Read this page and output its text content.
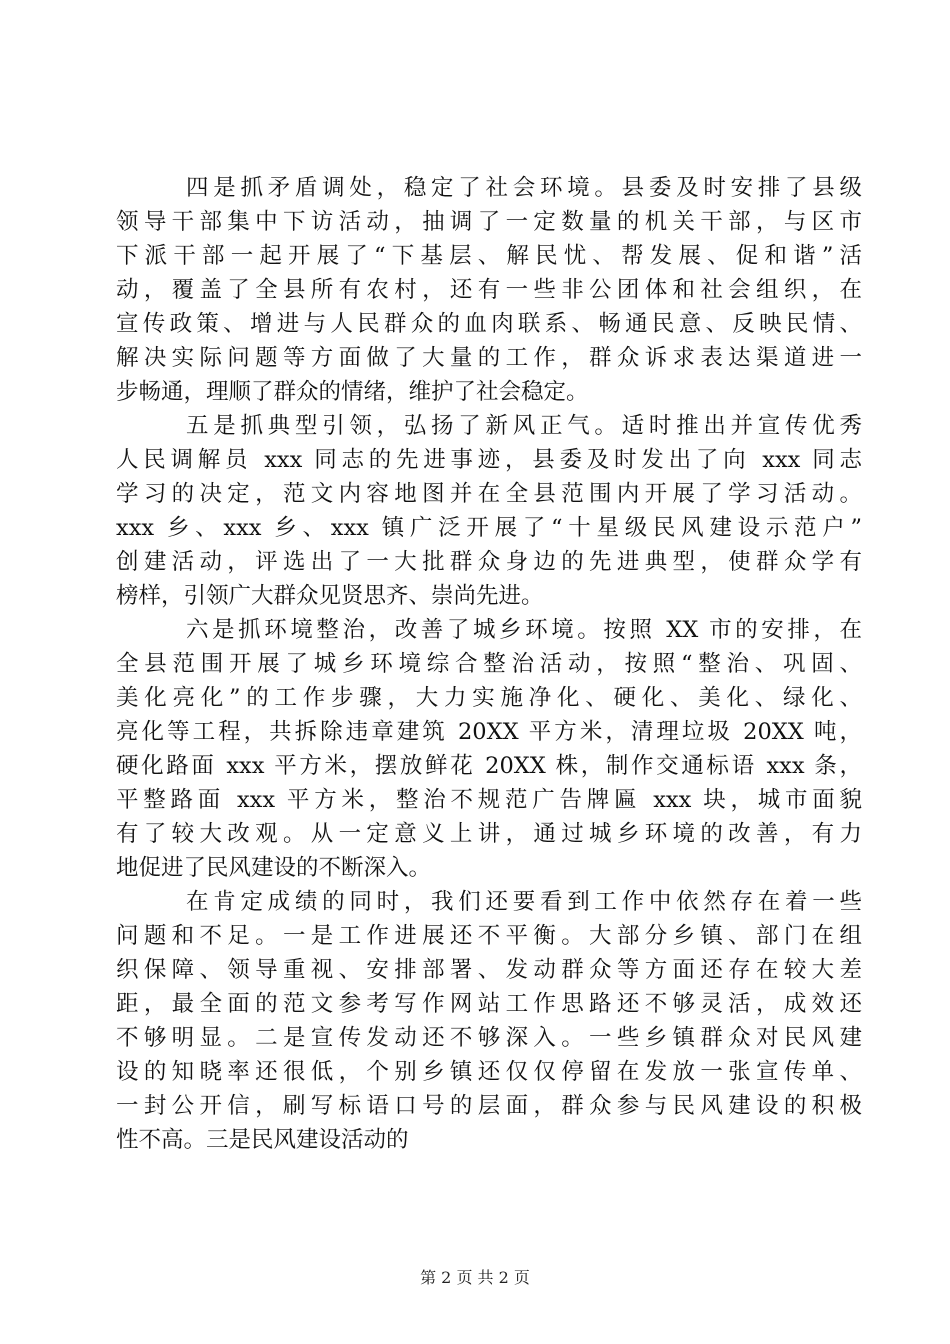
四是抓矛盾调处，稳定了社会环境。县委及时安排了县级
领导干部集中下访活动，抽调了一定数量的机关干部，与区市
下派干部一起开展了“下基层、解民忧、帮发展、促和谐”活
动，覆盖了全县所有农村，还有一些非公团体和社会组织，在
宣传政策、增进与人民群众的血肉联系、畅通民意、反映民情、
解决实际问题等方面做了大量的工作，群众诉求表达渠道进一
步畅通，理顺了群众的情绪，维护了社会稳定。
五是抓典型引领，弘扬了新风正气。适时推出并宣传优秀
人民调解员 xxx 同志的先进事迹，县委及时发出了向 xxx 同志
学习的决定，范文内容地图并在全县范围内开展了学习活动。
xxx 乡、xxx 乡、xxx 镇广泛开展了“十星级民风建设示范户”
创建活动，评选出了一大批群众身边的先进典型，使群众学有
榜样，引领广大群众见贤思齐、崇尚先进。
六是抓环境整治，改善了城乡环境。按照 XX 市的安排，在
全县范围开展了城乡环境综合整治活动，按照“整治、巩固、
美化亮化”的工作步骤，大力实施净化、硬化、美化、绿化、
亮化等工程，共拆除违章建筑 20XX 平方米，清理垃圾 20XX 吨，
硬化路面 xxx 平方米，摆放鲜花 20XX 株，制作交通标语 xxx 条，
平整路面 xxx 平方米，整治不规范广告牌匾 xxx 块，城市面貌
有了较大改观。从一定意义上讲，通过城乡环境的改善，有力
地促进了民风建设的不断深入。
在肯定成绩的同时，我们还要看到工作中依然存在着一些
问题和不足。一是工作进展还不平衡。大部分乡镇、部门在组
织保障、领导重视、安排部署、发动群众等方面还存在较大差
距，最全面的范文参考写作网站工作思路还不够灵活，成效还
不够明显。二是宣传发动还不够深入。一些乡镇群众对民风建
设的知晓率还很低，个别乡镇还仅仅停留在发放一张宣传单、
一封公开信，刷写标语口号的层面，群众参与民风建设的积极
性不高。三是民风建设活动的
第 2 页 共 2 页
